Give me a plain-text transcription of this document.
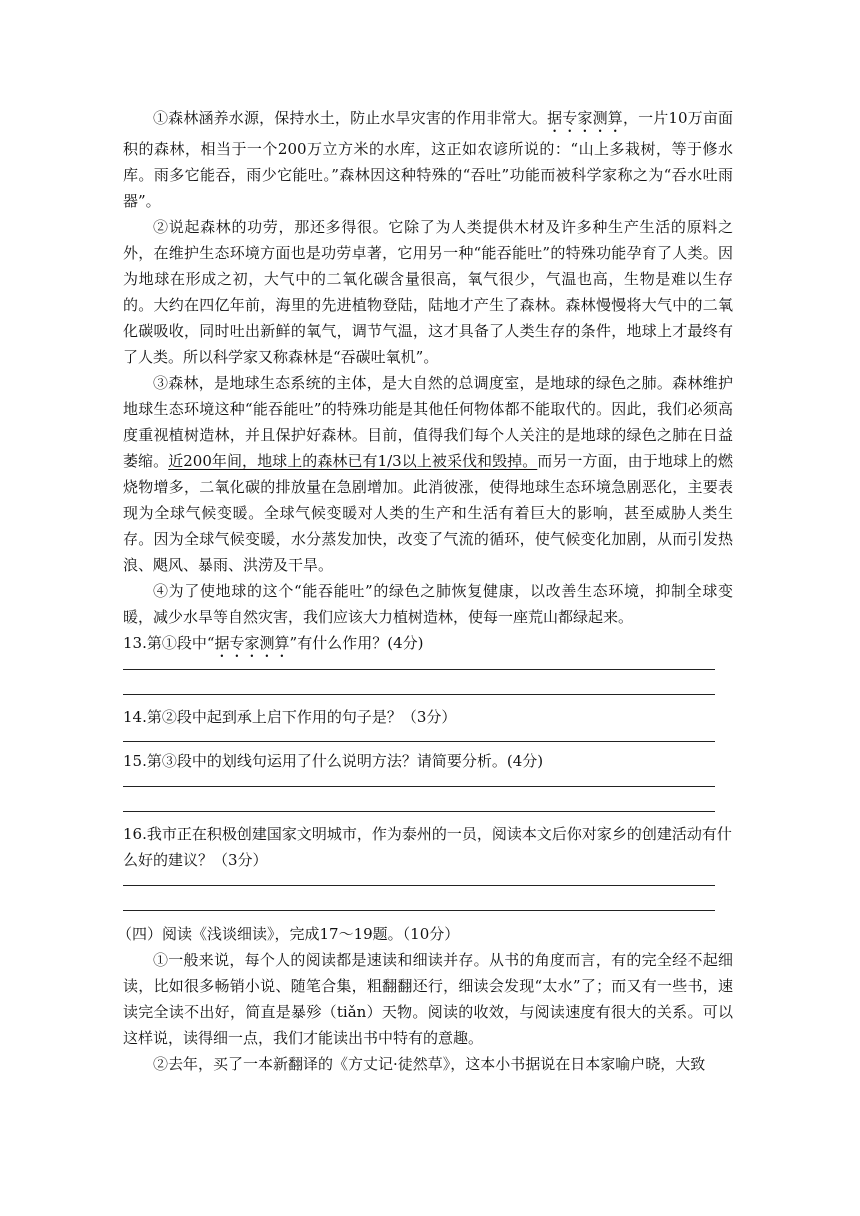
①森林涵养水源，保持水土，防止水旱灾害的作用非常大。据专家测算，一片10万亩面积的森林，相当于一个200万立方米的水库，这正如农谚所说的：“山上多栽树，等于修水库。雨多它能吞，雨少它能吐。”森林因这种特殊的“吞吐”功能而被科学家称之为“吞水吐雨器”。

②说起森林的功劳，那还多得很。它除了为人类提供木材及许多种生产生活的原料之外，在维护生态环境方面也是功劳卓著，它用另一种“能吞能吐”的特殊功能孕育了人类。因为地球在形成之初，大气中的二氧化碳含量很高，氧气很少，气温也高，生物是难以生存的。大约在四亿年前，海里的先进植物登陆，陆地才产生了森林。森林慢慢将大气中的二氧化碳吸收，同时吐出新鲜的氧气，调节气温，这才具备了人类生存的条件，地球上才最终有了人类。所以科学家又称森林是“吞碳吐氧机”。

③森林，是地球生态系统的主体，是大自然的总调度室，是地球的绿色之肺。森林维护地球生态环境这种“能吞能吐”的特殊功能是其他任何物体都不能取代的。因此，我们必须高度重视植树造林，并且保护好森林。目前，值得我们每个人关注的是地球的绿色之肺在日益萎缩。近200年间，地球上的森林已有1/3以上被采伐和毁掉。而另一方面，由于地球上的燃烧物增多，二氧化碳的排放量在急剧增加。此消彼涨，使得地球生态环境急剧恶化，主要表现为全球气候变暖。全球气候变暖对人类的生产和生活有着巨大的影响，甚至威胁人类生存。因为全球气候变暖，水分蒸发加快，改变了气流的循环，使气候变化加剧，从而引发热浪、飓风、暴雨、洪涝及干旱。

④为了使地球的这个“能吞能吐”的绿色之肺恢复健康，以改善生态环境，抑制全球变暖，减少水旱等自然灾害，我们应该大力植树造林，使每一座荒山都绿起来。

13.第①段中“据专家测算”有什么作用？(4分)

14.第②段中起到承上启下作用的句子是？（3分）

15.第③段中的划线句运用了什么说明方法？请简要分析。(4分)

16.我市正在积极创建国家文明城市，作为泰州的一员，阅读本文后你对家乡的创建活动有什么好的建议？（3分）

（四）阅读《浅谈细读》，完成17～19题。（10分）

①一般来说，每个人的阅读都是速读和细读并存。从书的角度而言，有的完全经不起细读，比如很多畅销小说、随笔合集，粗翻翻还行，细读会发现“太水”了；而又有一些书，速读完全读不出好，简直是暴殄（tiǎn）天物。阅读的收效，与阅读速度有很大的关系。可以这样说，读得细一点，我们才能读出书中特有的意趣。

②去年，买了一本新翻译的《方丈记·徒然草》，这本小书据说在日本家喻户晓，大致
